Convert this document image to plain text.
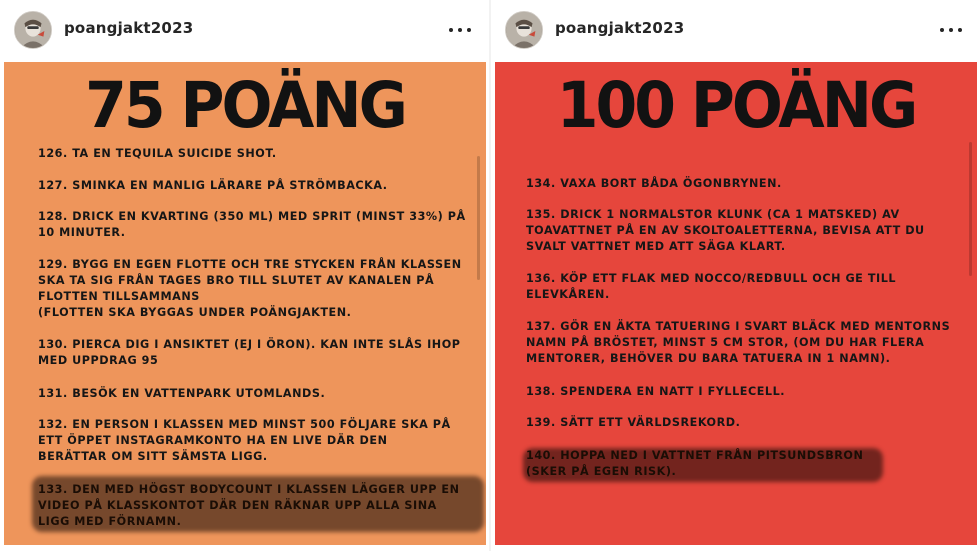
poangjakt2023
75 POÄNG
126. TA EN TEQUILA SUICIDE SHOT.
127. SMINKA EN MANLIG LÄRARE PÅ STRÖMBACKA.
128. DRICK EN KVARTING (350 ML) MED SPRIT (MINST 33%) PÅ
10 MINUTER.
129. BYGG EN EGEN FLOTTE OCH TRE STYCKEN FRÅN KLASSEN
SKA TA SIG FRÅN TAGES BRO TILL SLUTET AV KANALEN PÅ
FLOTTEN TILLSAMMANS
(FLOTTEN SKA BYGGAS UNDER POÄNGJAKTEN.
130. PIERCA DIG I ANSIKTET (EJ I ÖRON). KAN INTE SLÅS IHOP
MED UPPDRAG 95
131. BESÖK EN VATTENPARK UTOMLANDS.
132. EN PERSON I KLASSEN MED MINST 500 FÖLJARE SKA PÅ
ETT ÖPPET INSTAGRAMKONTO HA EN LIVE DÄR DEN
BERÄTTAR OM SITT SÄMSTA LIGG.
133. DEN MED HÖGST BODYCOUNT I KLASSEN LÄGGER UPP EN
VIDEO PÅ KLASSKONTOT DÄR DEN RÄKNAR UPP ALLA SINA
LIGG MED FÖRNAMN.
poangjakt2023
100 POÄNG
134. VAXA BORT BÅDA ÖGONBRYNEN.
135. DRICK 1 NORMALSTOR KLUNK (CA 1 MATSKED) AV
TOAVATTNET PÅ EN AV SKOLTOALETTERNA, BEVISA ATT DU
SVALT VATTNET MED ATT SÄGA KLART.
136. KÖP ETT FLAK MED NOCCO/REDBULL OCH GE TILL
ELEVKÅREN.
137. GÖR EN ÄKTA TATUERING I SVART BLÄCK MED MENTORNS
NAMN PÅ BRÖSTET, MINST 5 CM STOR, (OM DU HAR FLERA
MENTORER, BEHÖVER DU BARA TATUERA IN 1 NAMN).
138. SPENDERA EN NATT I FYLLECELL.
139. SÄTT ETT VÄRLDSREKORD.
140. HOPPA NED I VATTNET FRÅN PITSUNDSBRON
(SKER PÅ EGEN RISK).
